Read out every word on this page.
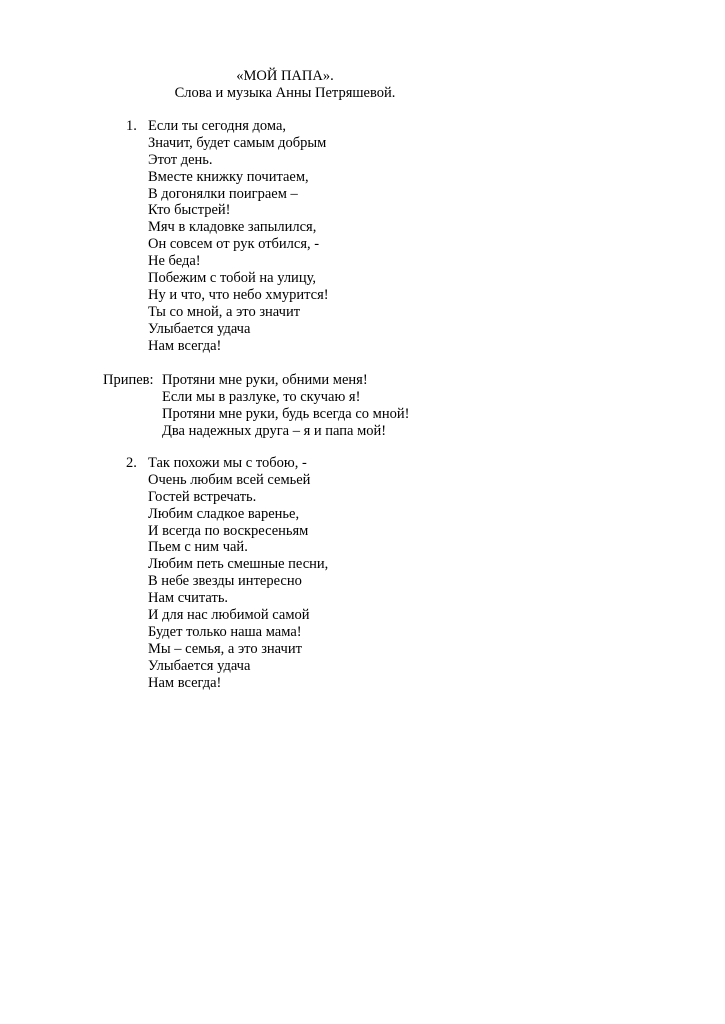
«МОЙ ПАПА».
Слова и музыка Анны Петряшевой.
1. Если ты сегодня дома,
Значит, будет самым добрым
Этот день.
Вместе книжку почитаем,
В догонялки поиграем –
Кто быстрей!
Мяч в кладовке запылился,
Он совсем от рук отбился, -
Не беда!
Побежим с тобой на улицу,
Ну и что, что небо хмурится!
Ты со мной, а это значит
Улыбается удача
Нам всегда!
Припев: Протяни мне руки, обними меня!
Если мы в разлуке, то скучаю я!
Протяни мне руки, будь всегда со мной!
Два надежных друга – я и папа мой!
2. Так похожи мы с тобою, -
Очень любим всей семьей
Гостей встречать.
Любим сладкое варенье,
И всегда по воскресеньям
Пьем с ним чай.
Любим петь смешные песни,
В небе звезды интересно
Нам считать.
И для нас любимой самой
Будет только наша мама!
Мы – семья, а это значит
Улыбается удача
Нам всегда!
